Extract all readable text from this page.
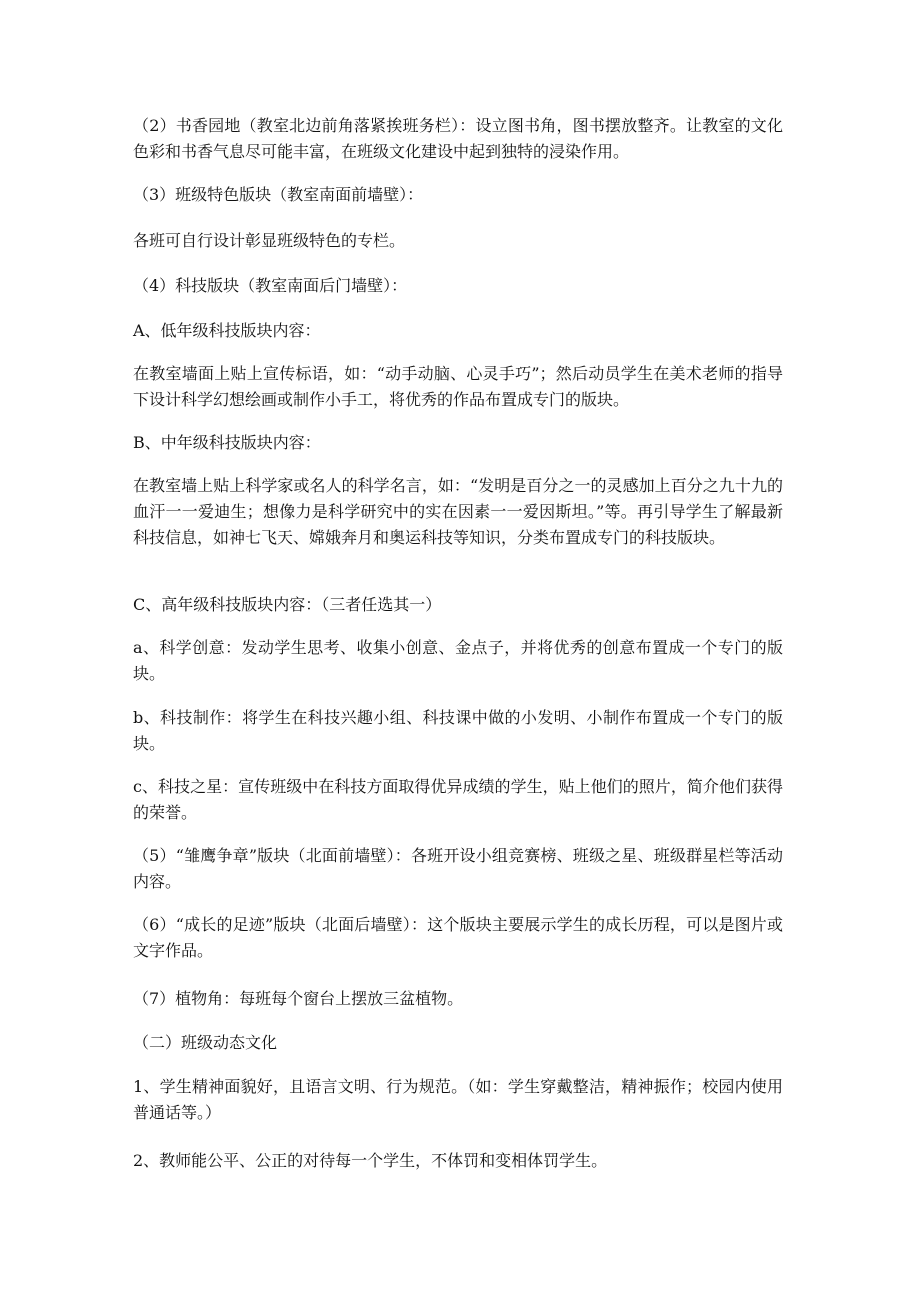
（2）书香园地（教室北边前角落紧挨班务栏）：设立图书角，图书摆放整齐。让教室的文化色彩和书香气息尽可能丰富，在班级文化建设中起到独特的浸染作用。

（3）班级特色版块（教室南面前墙壁）：

各班可自行设计彰显班级特色的专栏。

（4）科技版块（教室南面后门墙壁）：

A、低年级科技版块内容：

在教室墙面上贴上宣传标语，如：“动手动脑、心灵手巧”；然后动员学生在美术老师的指导下设计科学幻想绘画或制作小手工，将优秀的作品布置成专门的版块。

B、中年级科技版块内容：

在教室墙上贴上科学家或名人的科学名言，如：“发明是百分之一的灵感加上百分之九十九的血汗一一爱迪生；想像力是科学研究中的实在因素一一爱因斯坦。”等。再引导学生了解最新科技信息，如神七飞天、嫦娥奔月和奥运科技等知识，分类布置成专门的科技版块。

C、高年级科技版块内容：（三者任选其一）

a、科学创意：发动学生思考、收集小创意、金点子，并将优秀的创意布置成一个专门的版块。

b、科技制作：将学生在科技兴趣小组、科技课中做的小发明、小制作布置成一个专门的版块。

c、科技之星：宣传班级中在科技方面取得优异成绩的学生，贴上他们的照片，简介他们获得的荣誉。

（5）“雏鹰争章”版块（北面前墙壁）：各班开设小组竞赛榜、班级之星、班级群星栏等活动内容。

（6）“成长的足迹”版块（北面后墙壁）：这个版块主要展示学生的成长历程，可以是图片或文字作品。

（7）植物角：每班每个窗台上摆放三盆植物。

（二）班级动态文化

1、学生精神面貌好，且语言文明、行为规范。（如：学生穿戴整洁，精神振作；校园内使用普通话等。）

2、教师能公平、公正的对待每一个学生，不体罚和变相体罚学生。
